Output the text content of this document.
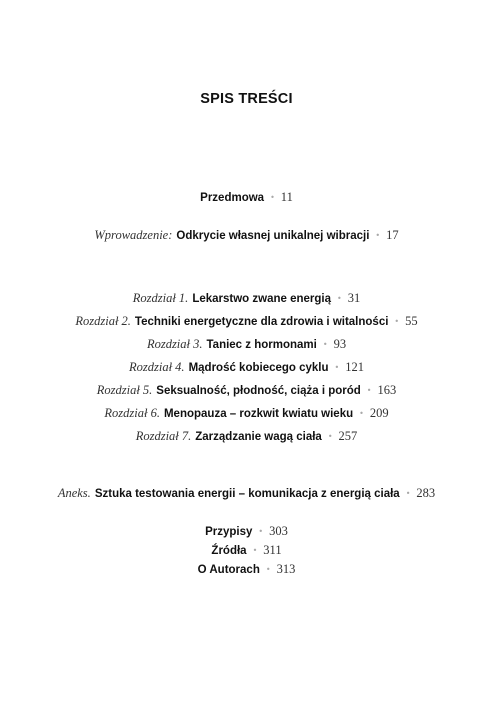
SPIS TREŚCI
Przedmowa • 11
Wprowadzenie: Odkrycie własnej unikalnej wibracji • 17
Rozdział 1. Lekarstwo zwane energią • 31
Rozdział 2. Techniki energetyczne dla zdrowia i witalności • 55
Rozdział 3. Taniec z hormonami • 93
Rozdział 4. Mądrość kobiecego cyklu • 121
Rozdział 5. Seksualność, płodność, ciąża i poród • 163
Rozdział 6. Menopauza – rozkwit kwiatu wieku • 209
Rozdział 7. Zarządzanie wagą ciała • 257
Aneks. Sztuka testowania energii – komunikacja z energią ciała • 283
Przypisy • 303
Źródła • 311
O Autorach • 313
